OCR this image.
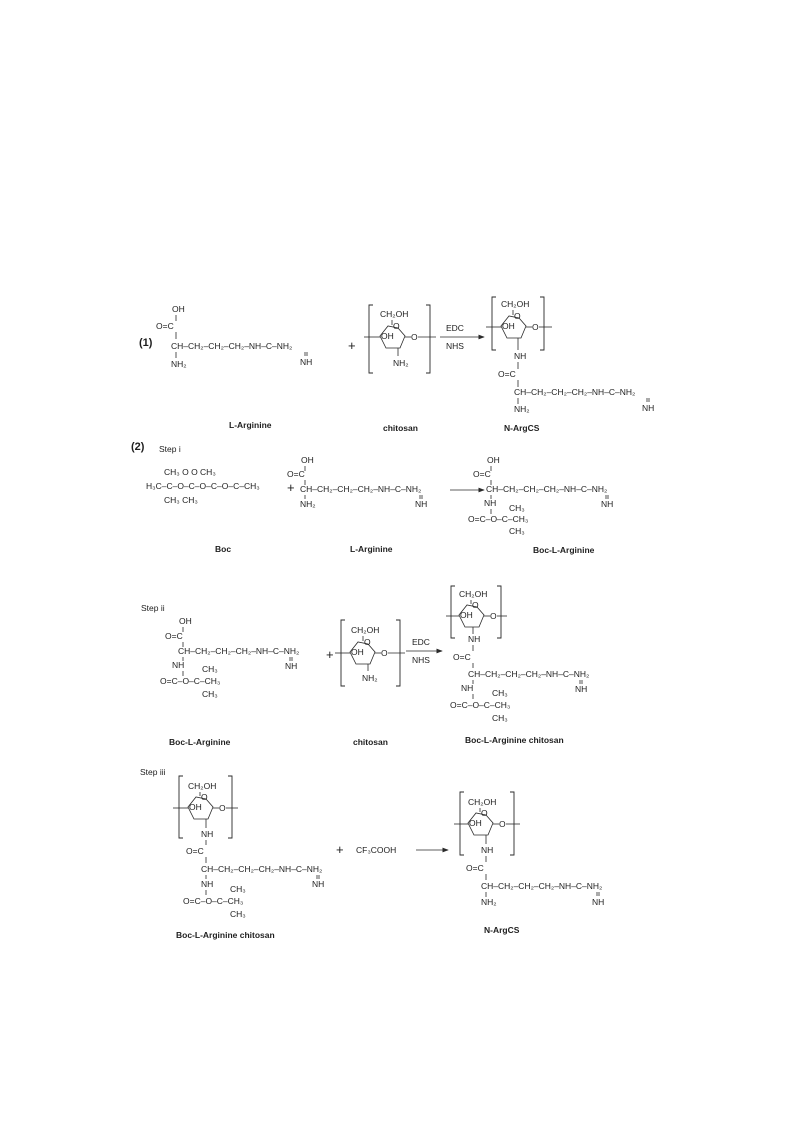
(1)
OH
O=C
CH–CH₂–CH₂–CH₂–NH–C–NH₂
NH₂	NH
+
CH₂OH
O
OH O
NH₂
EDC
NHS
CH₂OH
O
OH O
NH
O=C
CH–CH₂–CH₂–CH₂–NH–C–NH₂
NH₂	NH
L-Arginine	chitosan	N-ArgCS
(2) Step i
CH₃ O O CH₃
H₃C–C–O–C–O–C–O–C–CH₃
CH₃ CH₃
+
OH
O=C
CH–CH₂–CH₂–CH₂–NH–C–NH₂
NH₂	NH
OH
O=C
CH–CH₂–CH₂–CH₂–NH–C–NH₂
NH	NH
CH₃
O=C–O–C–CH₃
CH₃
Boc	L-Arginine	Boc-L-Arginine
Step ii
OH
O=C
CH–CH₂–CH₂–CH₂–NH–C–NH₂
NH	NH
CH₃
O=C–O–C–CH₃
CH₃
+
CH₂OH
O
OH O
NH₂
EDC
NHS
CH₂OH
O
OH O
NH
O=C
CH–CH₂–CH₂–CH₂–NH–C–NH₂
NH	NH
CH₃
O=C–O–C–CH₃
CH₃
Boc-L-Arginine	chitosan	Boc-L-Arginine chitosan
Step iii
CH₂OH
O
OH O
NH
O=C
CH–CH₂–CH₂–CH₂–NH–C–NH₂
NH	NH
CH₃
O=C–O–C–CH₃
CH₃
+ CF₃COOH
CH₂OH
O
OH O
NH
O=C
CH–CH₂–CH₂–CH₂–NH–C–NH₂
NH₂	NH
Boc-L-Arginine chitosan	N-ArgCS
